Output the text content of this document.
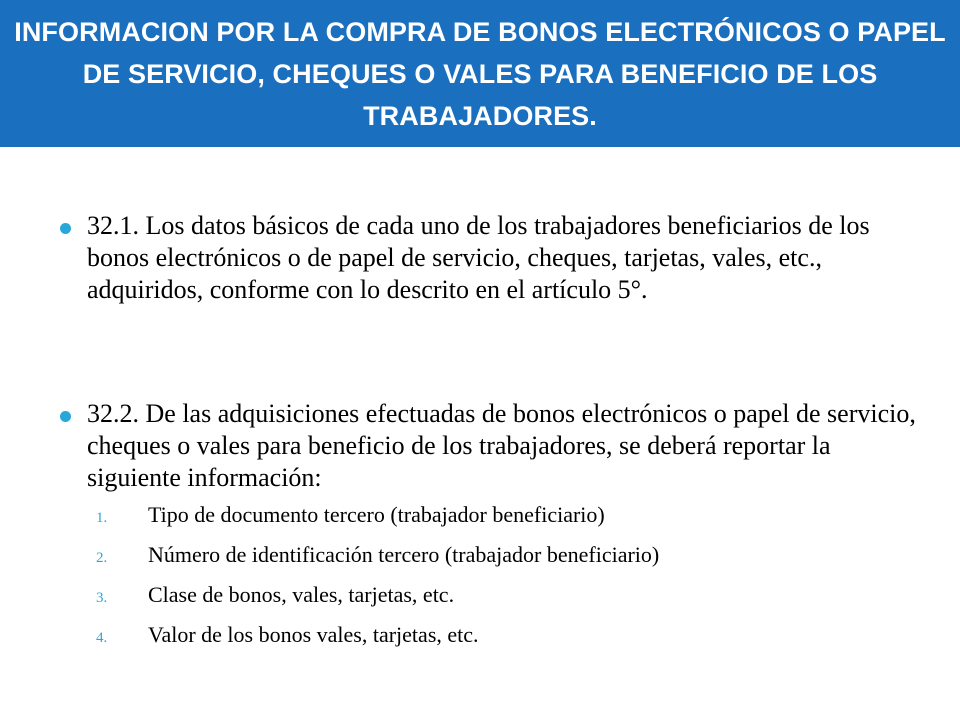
INFORMACION POR LA COMPRA DE BONOS ELECTRÓNICOS O PAPEL DE SERVICIO, CHEQUES O VALES PARA BENEFICIO DE LOS TRABAJADORES.

32.1. Los datos básicos de cada uno de los trabajadores beneficiarios de los bonos electrónicos o de papel de servicio, cheques, tarjetas, vales, etc., adquiridos, conforme con lo descrito en el artículo 5°.

32.2. De las adquisiciones efectuadas de bonos electrónicos o papel de servicio, cheques o vales para beneficio de los trabajadores, se deberá reportar la siguiente información:

1.	Tipo de documento tercero (trabajador beneficiario)
2.	Número de identificación tercero (trabajador beneficiario)
3.	Clase de bonos, vales, tarjetas, etc.
4.	Valor de los bonos vales, tarjetas, etc.
